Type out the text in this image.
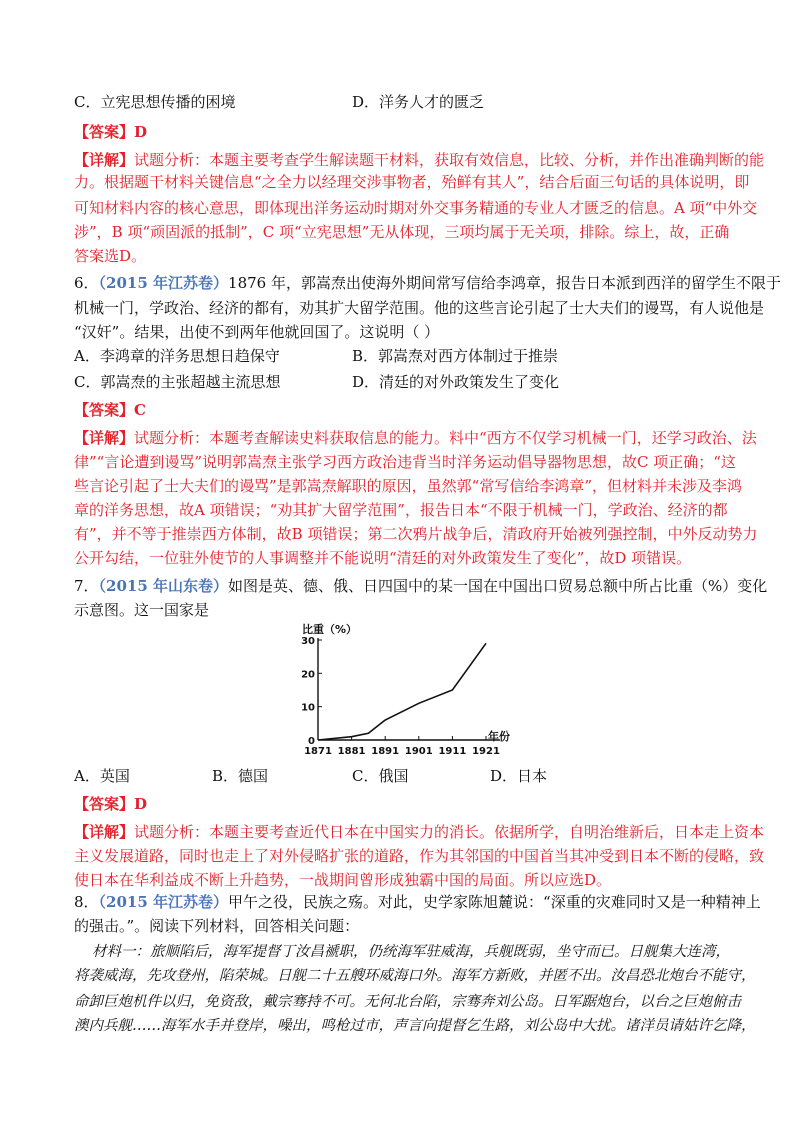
C．立宪思想传播的困境	D．洋务人才的匮乏
【答案】D
【详解】试题分析：本题主要考查学生解读题干材料，获取有效信息，比较、分析，并作出准确判断的能
力。根据题干材料关键信息“之全力以经理交涉事物者，殆鲜有其人”，结合后面三句话的具体说明，即
可知材料内容的核心意思，即体现出洋务运动时期对外交事务精通的专业人才匮乏的信息。A 项“中外交
涉”，B 项“顽固派的抵制”，C 项“立宪思想”无从体现，三项均属于无关项，排除。综上，故，正确
答案选D。
6．（2015 年江苏卷）1876 年，郭嵩焘出使海外期间常写信给李鸿章，报告日本派到西洋的留学生不限于
机械一门，学政治、经济的都有，劝其扩大留学范围。他的这些言论引起了士大夫们的谩骂，有人说他是
“汉奸”。结果，出使不到两年他就回国了。这说明（ ）
A．李鸿章的洋务思想日趋保守	B．郭嵩焘对西方体制过于推崇
C．郭嵩焘的主张超越主流思想	D．清廷的对外政策发生了变化
【答案】C
【详解】试题分析：本题考查解读史料获取信息的能力。料中“西方不仅学习机械一门，还学习政治、法
律”“言论遭到谩骂”说明郭嵩焘主张学习西方政治违背当时洋务运动倡导器物思想，故C 项正确；“这
些言论引起了士大夫们的谩骂”是郭嵩焘解职的原因，虽然郭“常写信给李鸿章”，但材料并未涉及李鸿
章的洋务思想，故A 项错误；“劝其扩大留学范围”，报告日本“不限于机械一门，学政治、经济的都
有”，并不等于推崇西方体制，故B 项错误；第二次鸦片战争后，清政府开始被列强控制，中外反动势力
公开勾结，一位驻外使节的人事调整并不能说明“清廷的对外政策发生了变化”，故D 项错误。
7．（2015 年山东卷）如图是英、德、俄、日四国中的某一国在中国出口贸易总额中所占比重（%）变化
示意图。这一国家是
比重（%）
年份
0
10
20
30
1871 1881 1891 1901 1911 1921
A．英国	B．德国	C．俄国	D．日本
【答案】D
【详解】试题分析：本题主要考查近代日本在中国实力的消长。依据所学，自明治维新后，日本走上资本
主义发展道路，同时也走上了对外侵略扩张的道路，作为其邻国的中国首当其冲受到日本不断的侵略，致
使日本在华利益成不断上升趋势，一战期间曾形成独霸中国的局面。所以应选D。
8．（2015 年江苏卷）甲午之役，民族之殇。对此，史学家陈旭麓说：“深重的灾难同时又是一种精神上
的强击。”。阅读下列材料，回答相关问题：
材料一：旅顺陷后，海军提督丁汝昌褫职，仍统海军驻威海，兵舰既弱，坐守而已。日舰集大连湾，
将袭威海，先攻登州，陷荣城。日舰二十五艘环威海口外。海军方新败，并匿不出。汝昌恐北炮台不能守，
命卸巨炮机件以归，免资敌，戴宗骞持不可。无何北台陷，宗骞奔刘公岛。日军踞炮台，以台之巨炮俯击
澳内兵舰……海军水手并登岸，噪出，鸣枪过市，声言向提督乞生路，刘公岛中大扰。诸洋员请姑许乞降，
